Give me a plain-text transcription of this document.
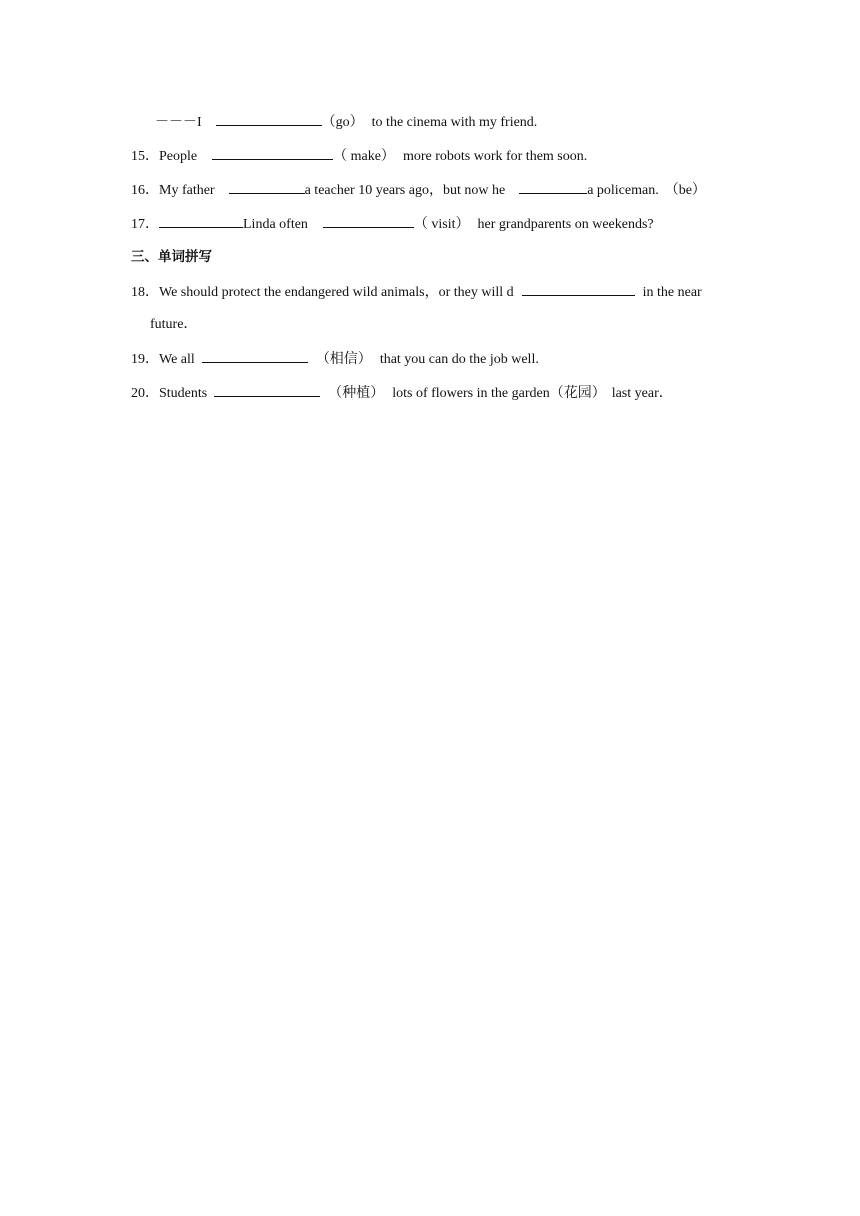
－－－I	（go） to the cinema with my friend.
15．People	（ make） more robots work for them soon.
16．My father	a teacher 10 years ago，but now he	a policeman. （be）
17．	Linda often	（ visit） her grandparents on weekends?
三、单词拼写
18．We should protect the endangered wild animals，or they will d	in the near
future．
19．We all	（相信） that you can do the job well.
20．Students	（种植） lots of flowers in the garden（花园） last year．
